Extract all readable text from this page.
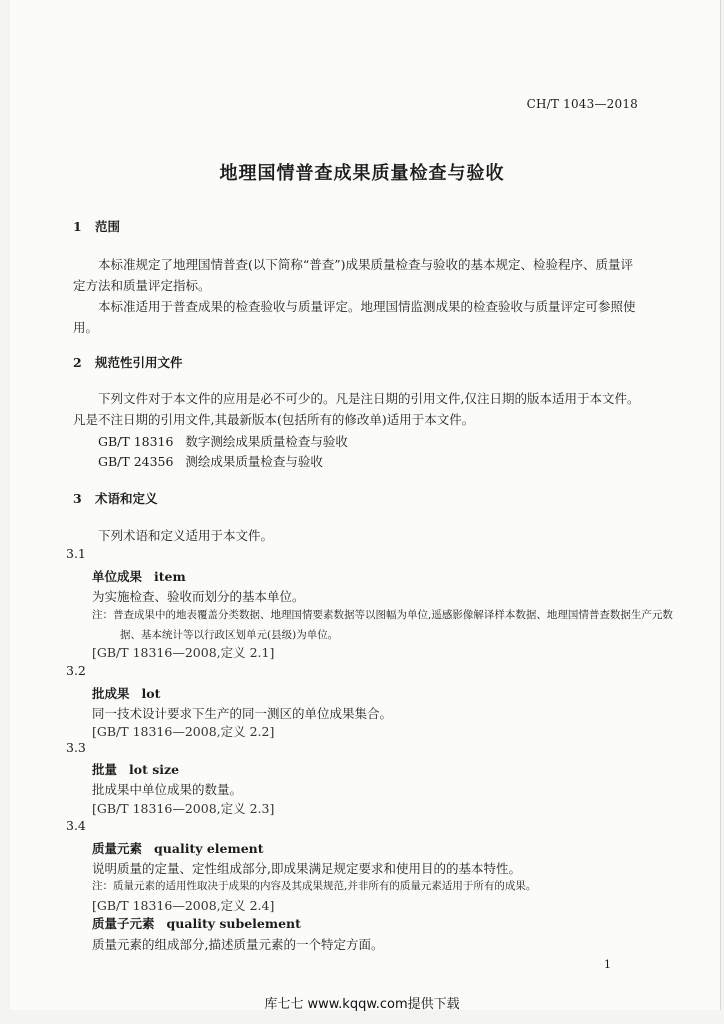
CH/T 1043—2018
地理国情普查成果质量检查与验收
1 范围
本标准规定了地理国情普查(以下简称“普查”)成果质量检查与验收的基本规定、检验程序、质量评定方法和质量评定指标。
本标准适用于普查成果的检查验收与质量评定。地理国情监测成果的检查验收与质量评定可参照使用。
2 规范性引用文件
下列文件对于本文件的应用是必不可少的。凡是注日期的引用文件,仅注日期的版本适用于本文件。凡是不注日期的引用文件,其最新版本(包括所有的修改单)适用于本文件。
GB/T 18316 数字测绘成果质量检查与验收
GB/T 24356 测绘成果质量检查与验收
3 术语和定义
下列术语和定义适用于本文件。
3.1
单位成果 item
为实施检查、验收而划分的基本单位。
注：普查成果中的地表覆盖分类数据、地理国情要素数据等以图幅为单位,遥感影像解译样本数据、地理国情普查数据生产元数据、基本统计等以行政区划单元(县级)为单位。
[GB/T 18316—2008,定义 2.1]
3.2
批成果 lot
同一技术设计要求下生产的同一测区的单位成果集合。
[GB/T 18316—2008,定义 2.2]
3.3
批量 lot size
批成果中单位成果的数量。
[GB/T 18316—2008,定义 2.3]
3.4
质量元素 quality element
说明质量的定量、定性组成部分,即成果满足规定要求和使用目的的基本特性。
注：质量元素的适用性取决于成果的内容及其成果规范,并非所有的质量元素适用于所有的成果。
[GB/T 18316—2008,定义 2.4]
质量子元素 quality subelement
质量元素的组成部分,描述质量元素的一个特定方面。
1
库七七 www.kqqw.com提供下载
